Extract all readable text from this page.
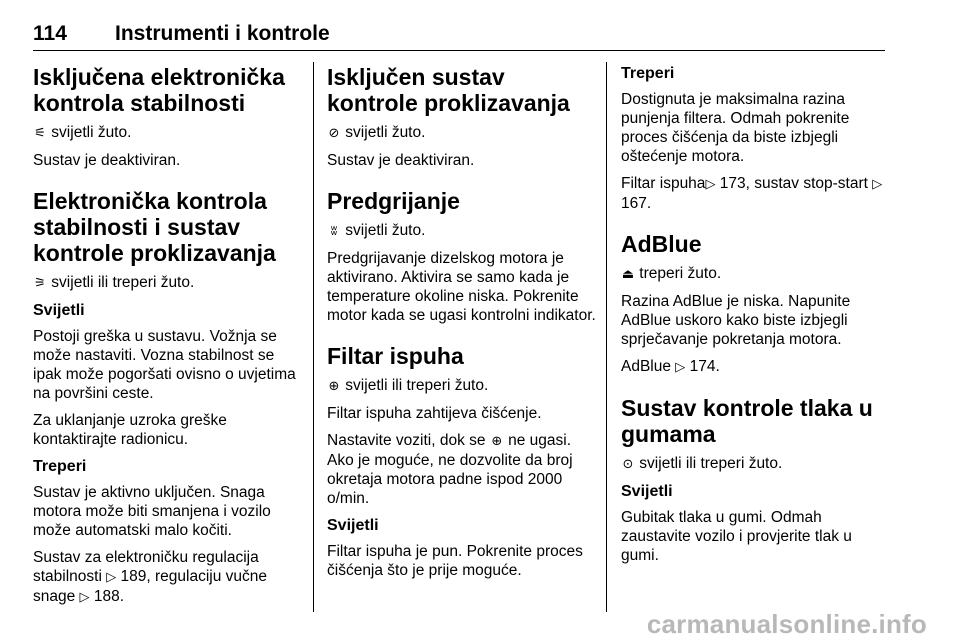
114 Instrumenti i kontrole
Isključena elektronička kontrola stabilnosti

⚟ svijetli žuto.

Sustav je deaktiviran.

Elektronička kontrola stabilnosti i sustav kontrole proklizavanja

⚞ svijetli ili treperi žuto.

Svijetli

Postoji greška u sustavu. Vožnja se može nastaviti. Vozna stabilnost se ipak može pogoršati ovisno o uvjetima na površini ceste.

Za uklanjanje uzroka greške kontaktirajte radionicu.

Treperi

Sustav je aktivno uključen. Snaga motora može biti smanjena i vozilo može automatski malo kočiti.

Sustav za elektroničku regulacija stabilnosti ▷ 189, regulaciju vučne snage ▷ 188.

Isključen sustav kontrole proklizavanja

⊘ svijetli žuto.

Sustav je deaktiviran.

Predgrijanje

ʬ svijetli žuto.

Predgrijavanje dizelskog motora je aktivirano. Aktivira se samo kada je temperature okoline niska. Pokrenite motor kada se ugasi kontrolni indikator.

Filtar ispuha

⊕ svijetli ili treperi žuto.

Filtar ispuha zahtijeva čišćenje.

Nastavite voziti, dok se ⊕ ne ugasi. Ako je moguće, ne dozvolite da broj okretaja motora padne ispod 2000 o/min.

Svijetli

Filtar ispuha je pun. Pokrenite proces čišćenja što je prije moguće.

Treperi

Dostignuta je maksimalna razina punjenja filtera. Odmah pokrenite proces čišćenja da biste izbjegli oštećenje motora.

Filtar ispuha▷ 173, sustav stop-start ▷ 167.

AdBlue

⏏ treperi žuto.

Razina AdBlue je niska. Napunite AdBlue uskoro kako biste izbjegli sprječavanje pokretanja motora.

AdBlue ▷ 174.

Sustav kontrole tlaka u gumama

⊙ svijetli ili treperi žuto.

Svijetli

Gubitak tlaka u gumi. Odmah zaustavite vozilo i provjerite tlak u gumi.

carmanualsonline.info
